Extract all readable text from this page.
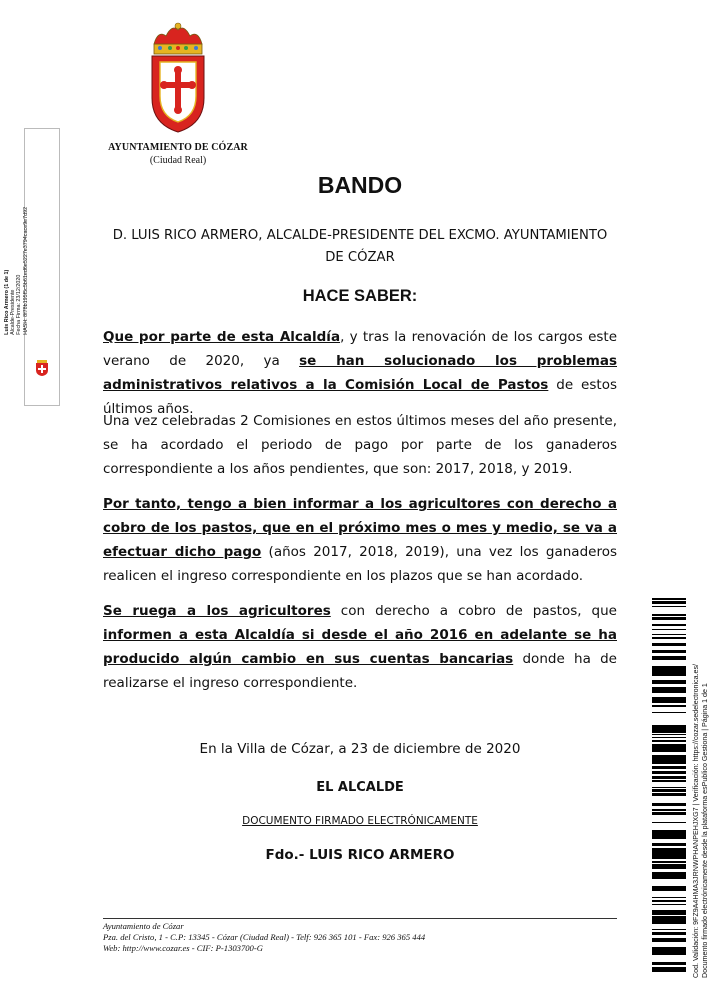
AYUNTAMIENTO DE CÓZAR
(Ciudad Real)
Luis Rico Armero (1 de 1) Alcalde-Presidente Fecha Firma: 23/12/2020 HASH: 8f78b195f5c5b61ed6e5227e3794cace9e7d92
BANDO
D. LUIS RICO ARMERO, ALCALDE-PRESIDENTE DEL EXCMO. AYUNTAMIENTO DE CÓZAR
HACE SABER:
Que por parte de esta Alcaldía, y tras la renovación de los cargos este verano de 2020, ya se han solucionado los problemas administrativos relativos a la Comisión Local de Pastos de estos últimos años.
Una vez celebradas 2 Comisiones en estos últimos meses del año presente, se ha acordado el periodo de pago por parte de los ganaderos correspondiente a los años pendientes, que son: 2017, 2018, y 2019.
Por tanto, tengo a bien informar a los agricultores con derecho a cobro de los pastos, que en el próximo mes o mes y medio, se va a efectuar dicho pago (años 2017, 2018, 2019), una vez los ganaderos realicen el ingreso correspondiente en los plazos que se han acordado.
Se ruega a los agricultores con derecho a cobro de pastos, que informen a esta Alcaldía si desde el año 2016 en adelante se ha producido algún cambio en sus cuentas bancarias donde ha de realizarse el ingreso correspondiente.
En la Villa de Cózar, a 23 de diciembre de 2020
EL ALCALDE
DOCUMENTO FIRMADO ELECTRÓNICAMENTE
Fdo.- LUIS RICO ARMERO
Ayuntamiento de Cózar
Pza. del Cristo, 1 - C.P: 13345 - Cózar (Ciudad Real) - Telf: 926 365 101 - Fax: 926 365 444
Web: http://www.cozar.es - CIF: P-1303700-G	Cod. Validación: 9FZ9A4HMA3JRNWPHANPEHJXG7 | Verificación: https://cozar.sedelectronica.es/ Documento firmado electrónicamente desde la plataforma esPublico Gestiona | Página 1 de 1
